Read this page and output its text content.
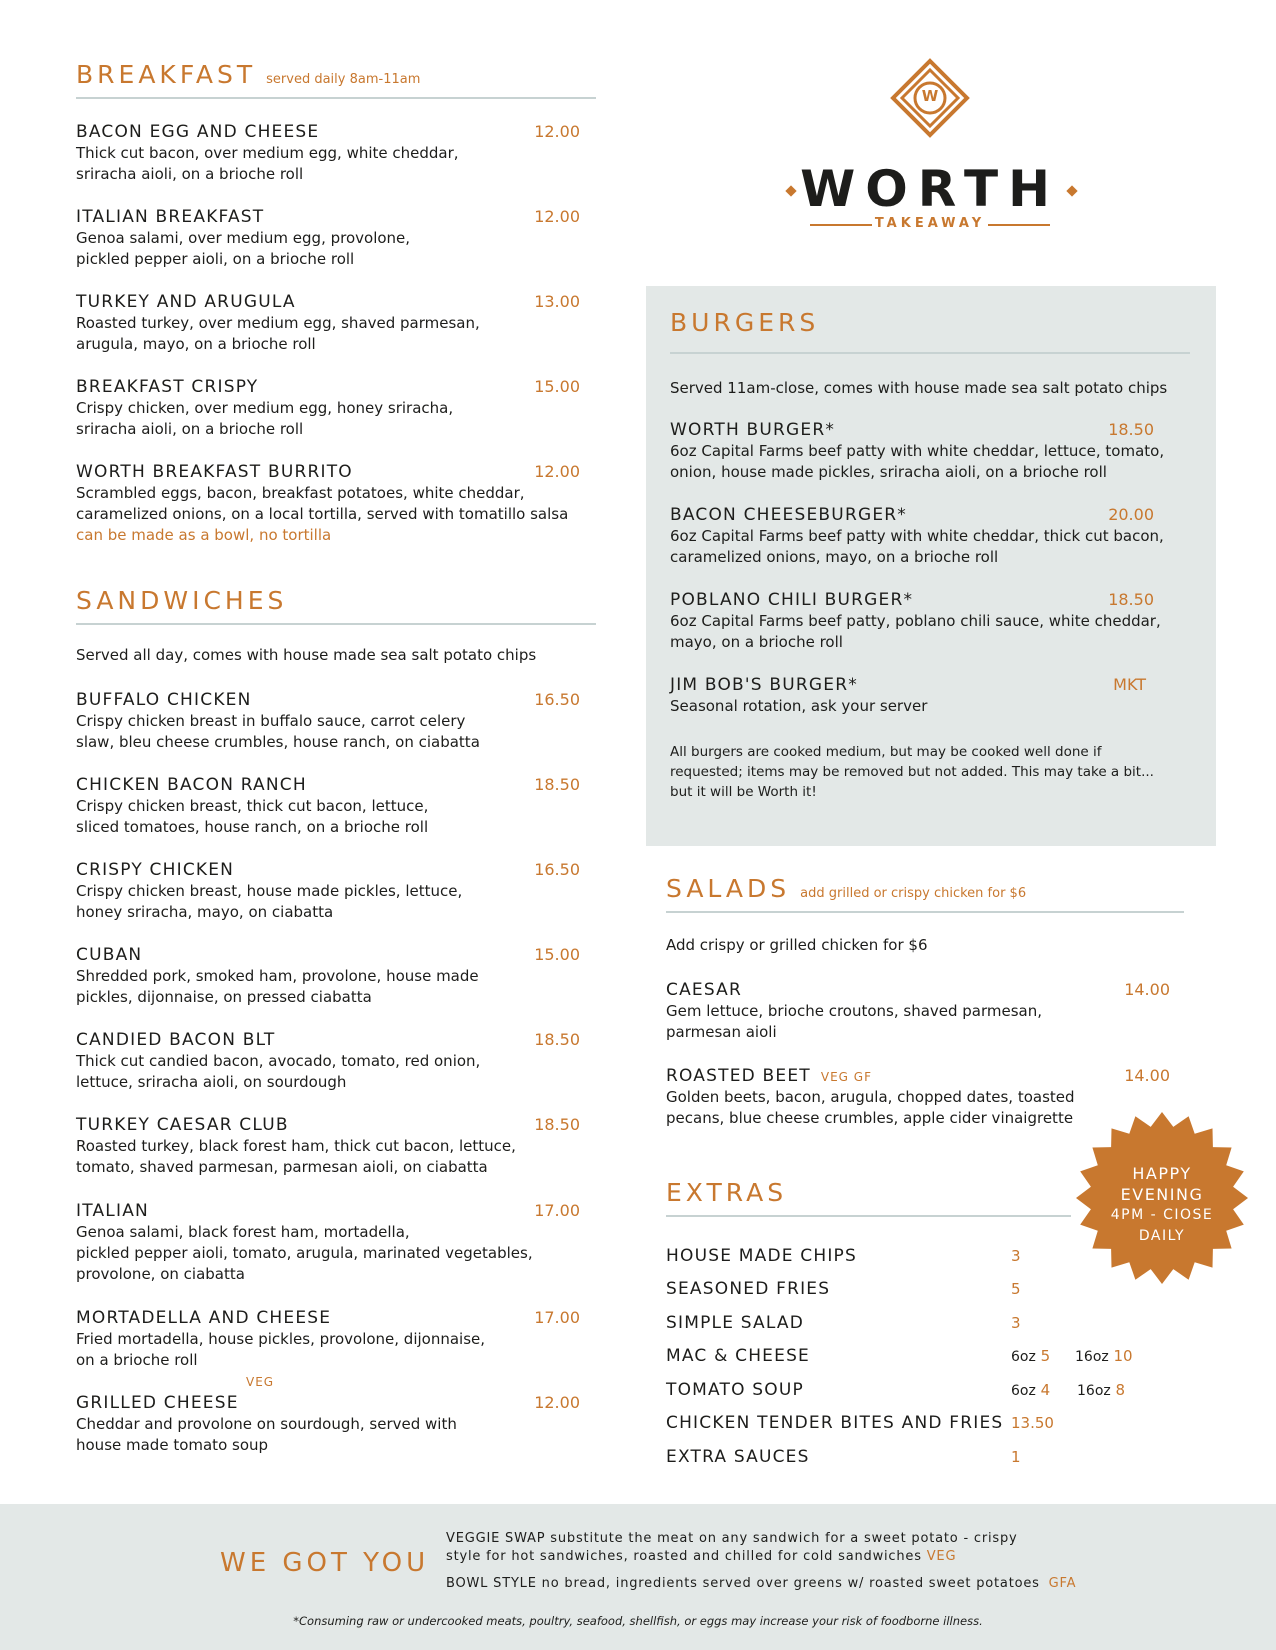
BREAKFAST served daily 8am-11am
BACON EGG AND CHEESE	12.00
Thick cut bacon, over medium egg, white cheddar,
sriracha aioli, on a brioche roll
ITALIAN BREAKFAST	12.00
Genoa salami, over medium egg, provolone,
pickled pepper aioli, on a brioche roll
TURKEY AND ARUGULA	13.00
Roasted turkey, over medium egg, shaved parmesan,
arugula, mayo, on a brioche roll
BREAKFAST CRISPY	15.00
Crispy chicken, over medium egg, honey sriracha,
sriracha aioli, on a brioche roll
WORTH BREAKFAST BURRITO	12.00
Scrambled eggs, bacon, breakfast potatoes, white cheddar,
caramelized onions, on a local tortilla, served with tomatillo salsa
can be made as a bowl, no tortilla
SANDWICHES
Served all day, comes with house made sea salt potato chips
BUFFALO CHICKEN	16.50
Crispy chicken breast in buffalo sauce, carrot celery
slaw, bleu cheese crumbles, house ranch, on ciabatta
CHICKEN BACON RANCH	18.50
Crispy chicken breast, thick cut bacon, lettuce,
sliced tomatoes, house ranch, on a brioche roll
CRISPY CHICKEN	16.50
Crispy chicken breast, house made pickles, lettuce,
honey sriracha, mayo, on ciabatta
CUBAN	15.00
Shredded pork, smoked ham, provolone, house made
pickles, dijonnaise, on pressed ciabatta
CANDIED BACON BLT	18.50
Thick cut candied bacon, avocado, tomato, red onion,
lettuce, sriracha aioli, on sourdough
TURKEY CAESAR CLUB	18.50
Roasted turkey, black forest ham, thick cut bacon, lettuce,
tomato, shaved parmesan, parmesan aioli, on ciabatta
ITALIAN	17.00
Genoa salami, black forest ham, mortadella,
pickled pepper aioli, tomato, arugula, marinated vegetables,
provolone, on ciabatta
MORTADELLA AND CHEESE	17.00
Fried mortadella, house pickles, provolone, dijonnaise,
on a brioche roll
VEG
GRILLED CHEESE	12.00
Cheddar and provolone on sourdough, served with
house made tomato soup
W
WORTH
TAKEAWAY
BURGERS
Served 11am-close, comes with house made sea salt potato chips
WORTH BURGER*	18.50
6oz Capital Farms beef patty with white cheddar, lettuce, tomato,
onion, house made pickles, sriracha aioli, on a brioche roll
BACON CHEESEBURGER*	20.00
6oz Capital Farms beef patty with white cheddar, thick cut bacon,
caramelized onions, mayo, on a brioche roll
POBLANO CHILI BURGER*	18.50
6oz Capital Farms beef patty, poblano chili sauce, white cheddar,
mayo, on a brioche roll
JIM BOB'S BURGER*	MKT
Seasonal rotation, ask your server
All burgers are cooked medium, but may be cooked well done if
requested; items may be removed but not added. This may take a bit...
but it will be Worth it!
SALADS add grilled or crispy chicken for $6
Add crispy or grilled chicken for $6
CAESAR	14.00
Gem lettuce, brioche croutons, shaved parmesan,
parmesan aioli
ROASTED BEET VEG GF	14.00
Golden beets, bacon, arugula, chopped dates, toasted
pecans, blue cheese crumbles, apple cider vinaigrette
EXTRAS
HOUSE MADE CHIPS	3
SEASONED FRIES	5
SIMPLE SALAD	3
MAC & CHEESE	6oz 5 16oz 10
TOMATO SOUP	6oz 4 16oz 8
CHICKEN TENDER BITES AND FRIES 13.50
EXTRA SAUCES	1
HAPPY
EVENING
4PM - CIOSE
DAILY
WE GOT YOU
VEGGIE SWAP substitute the meat on any sandwich for a sweet potato - crispy
style for hot sandwiches, roasted and chilled for cold sandwiches VEG
BOWL STYLE no bread, ingredients served over greens w/ roasted sweet potatoes GFA
*Consuming raw or undercooked meats, poultry, seafood, shellfish, or eggs may increase your risk of foodborne illness.
